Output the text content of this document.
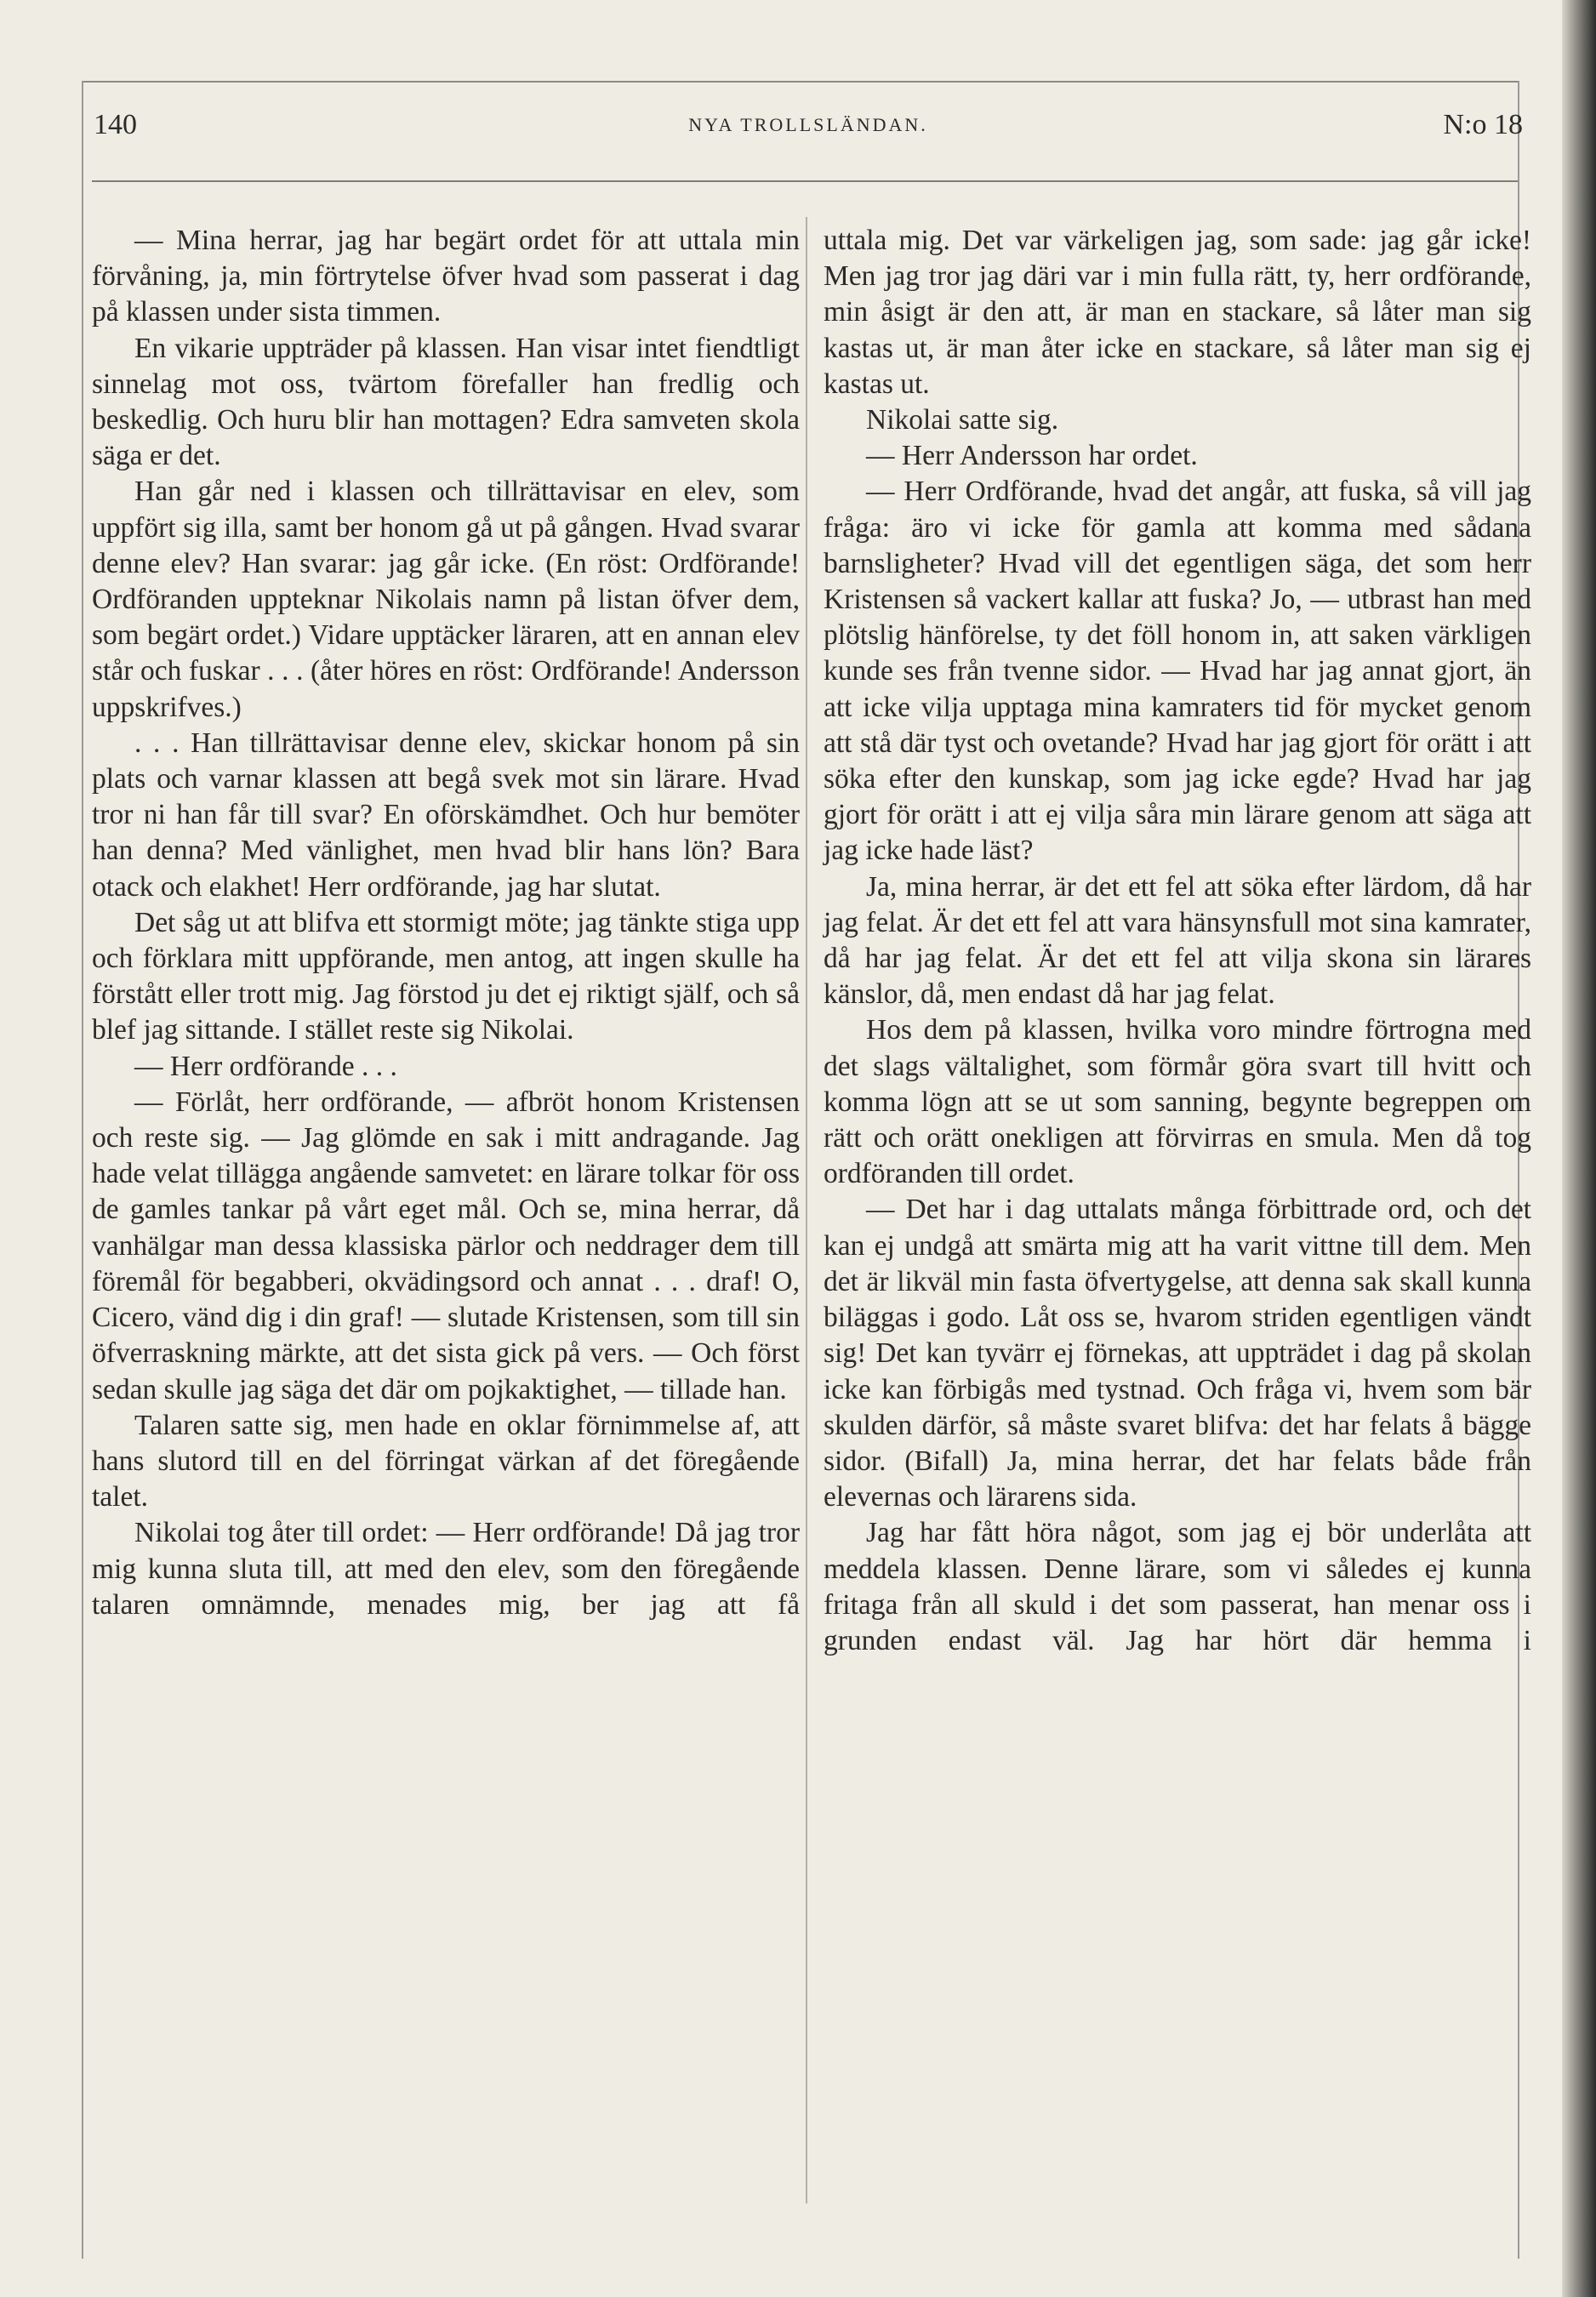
140	NYA TROLLSLÄNDAN.	N:o 18

— Mina herrar, jag har begärt ordet för att uttala min förvåning, ja, min förtrytelse öfver hvad som passerat i dag på klassen under sista timmen.

En vikarie uppträder på klassen. Han visar intet fiendtligt sinnelag mot oss, tvärtom förefaller han fredlig och beskedlig. Och huru blir han mottagen? Edra samveten skola säga er det.

Han går ned i klassen och tillrättavisar en elev, som uppfört sig illa, samt ber honom gå ut på gången. Hvad svarar denne elev? Han svarar: jag går icke. (En röst: Ordförande! Ordföranden uppteknar Nikolais namn på listan öfver dem, som begärt ordet.) Vidare upptäcker läraren, att en annan elev står och fuskar . . . (åter höres en röst: Ordförande! Andersson uppskrifves.)

. . . Han tillrättavisar denne elev, skickar honom på sin plats och varnar klassen att begå svek mot sin lärare. Hvad tror ni han får till svar? En oförskämdhet. Och hur bemöter han denna? Med vänlighet, men hvad blir hans lön? Bara otack och elakhet! Herr ordförande, jag har slutat.

Det såg ut att blifva ett stormigt möte; jag tänkte stiga upp och förklara mitt uppförande, men antog, att ingen skulle ha förstått eller trott mig. Jag förstod ju det ej riktigt själf, och så blef jag sittande. I stället reste sig Nikolai.

— Herr ordförande . . .

— Förlåt, herr ordförande, — afbröt honom Kristensen och reste sig. — Jag glömde en sak i mitt andragande. Jag hade velat tillägga angående samvetet: en lärare tolkar för oss de gamles tankar på vårt eget mål. Och se, mina herrar, då vanhälgar man dessa klassiska pärlor och neddrager dem till föremål för begabberi, okvädingsord och annat . . . draf! O, Cicero, vänd dig i din graf! — slutade Kristensen, som till sin öfverraskning märkte, att det sista gick på vers. — Och först sedan skulle jag säga det där om pojkaktighet, — tillade han.

Talaren satte sig, men hade en oklar förnimmelse af, att hans slutord till en del förringat värkan af det föregående talet.

Nikolai tog åter till ordet: — Herr ordförande! Då jag tror mig kunna sluta till, att med den elev, som den föregående talaren omnämnde, menades mig, ber jag att få

uttala mig. Det var värkeligen jag, som sade: jag går icke! Men jag tror jag däri var i min fulla rätt, ty, herr ordförande, min åsigt är den att, är man en stackare, så låter man sig kastas ut, är man åter icke en stackare, så låter man sig ej kastas ut.

Nikolai satte sig.

— Herr Andersson har ordet.

— Herr Ordförande, hvad det angår, att fuska, så vill jag fråga: äro vi icke för gamla att komma med sådana barnsligheter? Hvad vill det egentligen säga, det som herr Kristensen så vackert kallar att fuska? Jo, — utbrast han med plötslig hänförelse, ty det föll honom in, att saken värkligen kunde ses från tvenne sidor. — Hvad har jag annat gjort, än att icke vilja upptaga mina kamraters tid för mycket genom att stå där tyst och ovetande? Hvad har jag gjort för orätt i att söka efter den kunskap, som jag icke egde? Hvad har jag gjort för orätt i att ej vilja såra min lärare genom att säga att jag icke hade läst?

Ja, mina herrar, är det ett fel att söka efter lärdom, då har jag felat. Är det ett fel att vara hänsynsfull mot sina kamrater, då har jag felat. Är det ett fel att vilja skona sin lärares känslor, då, men endast då har jag felat.

Hos dem på klassen, hvilka voro mindre förtrogna med det slags vältalighet, som förmår göra svart till hvitt och komma lögn att se ut som sanning, begynte begreppen om rätt och orätt onekligen att förvirras en smula. Men då tog ordföranden till ordet.

— Det har i dag uttalats många förbittrade ord, och det kan ej undgå att smärta mig att ha varit vittne till dem. Men det är likväl min fasta öfvertygelse, att denna sak skall kunna biläggas i godo. Låt oss se, hvarom striden egentligen vändt sig! Det kan tyvärr ej förnekas, att uppträdet i dag på skolan icke kan förbigås med tystnad. Och fråga vi, hvem som bär skulden därför, så måste svaret blifva: det har felats å bägge sidor. (Bifall) Ja, mina herrar, det har felats både från elevernas och lärarens sida.

Jag har fått höra något, som jag ej bör underlåta att meddela klassen. Denne lärare, som vi således ej kunna fritaga från all skuld i det som passerat, han menar oss i grunden endast väl. Jag har hört där hemma i
